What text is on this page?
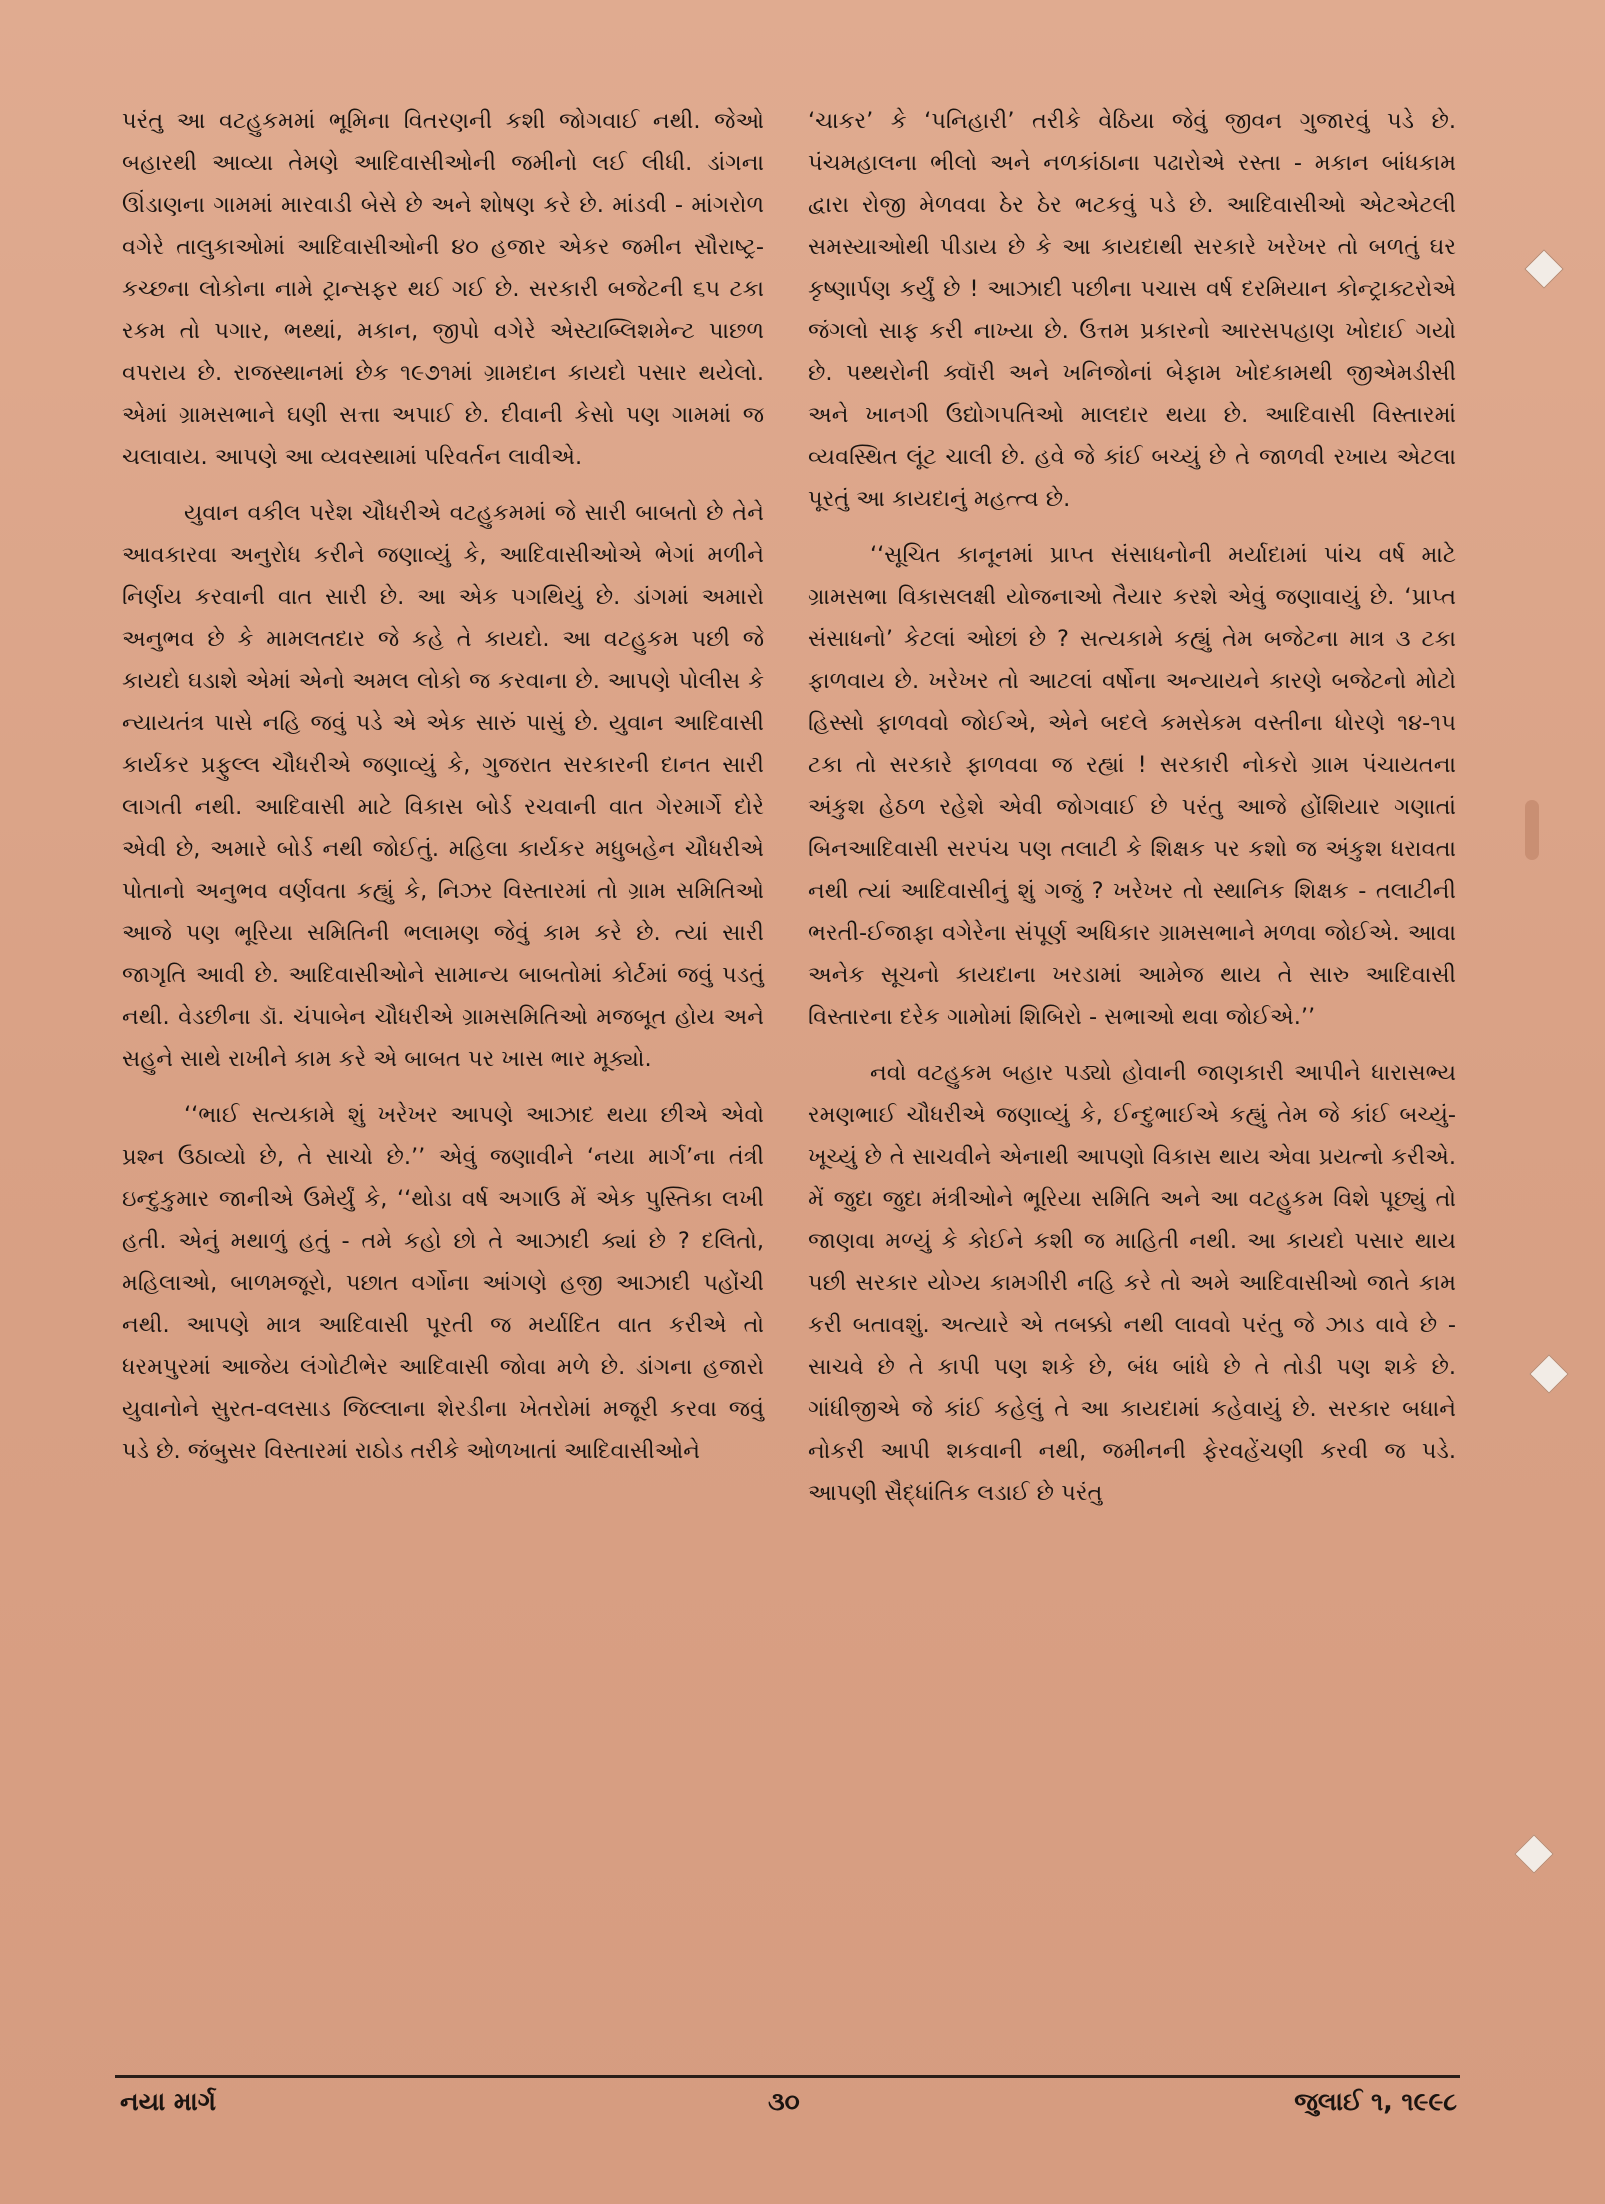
પરંતુ આ વટહુકમમાં ભૂમિના વિતરણની કશી જોગવાઈ નથી. જેઓ બહારથી આવ્યા તેમણે આદિવાસીઓની જમીનો લઈ લીધી. ડાંગના ઊંડાણના ગામમાં મારવાડી બેસે છે અને શોષણ કરે છે. માંડવી - માંગરોળ વગેરે તાલુકાઓમાં આદિવાસીઓની ૪૦ હજાર એકર જમીન સૌરાષ્ટ્ર-કચ્છના લોકોના નામે ટ્રાન્સફર થઈ ગઈ છે. સરકારી બજેટની ૬૫ ટકા રકમ તો પગાર, ભથ્થાં, મકાન, જીપો વગેરે એસ્ટાબ્લિશમેન્ટ પાછળ વપરાય છે. રાજસ્થાનમાં છેક ૧૯૭૧માં ગ્રામદાન કાયદો પસાર થયેલો. એમાં ગ્રામસભાને ઘણી સત્તા અપાઈ છે. દીવાની કેસો પણ ગામમાં જ ચલાવાય. આપણે આ વ્યવસ્થામાં પરિવર્તન લાવીએ.

યુવાન વકીલ પરેશ ચૌધરીએ વટહુકમમાં જે સારી બાબતો છે તેને આવકારવા અનુરોધ કરીને જણાવ્યું કે, આદિવાસીઓએ ભેગાં મળીને નિર્ણય કરવાની વાત સારી છે. આ એક પગથિયું છે. ડાંગમાં અમારો અનુભવ છે કે મામલતદાર જે કહે તે કાયદો. આ વટહુકમ પછી જે કાયદો ઘડાશે એમાં એનો અમલ લોકો જ કરવાના છે. આપણે પોલીસ કે ન્યાયતંત્ર પાસે નહિ જવું પડે એ એક સારું પાસું છે. યુવાન આદિવાસી કાર્યકર પ્રફુલ્લ ચૌધરીએ જણાવ્યું કે, ગુજરાત સરકારની દાનત સારી લાગતી નથી. આદિવાસી માટે વિકાસ બોર્ડ રચવાની વાત ગેરમાર્ગે દોરે એવી છે, અમારે બોર્ડ નથી જોઈતું. મહિલા કાર્યકર મધુબહેન ચૌધરીએ પોતાનો અનુભવ વર્ણવતા કહ્યું કે, નિઝર વિસ્તારમાં તો ગ્રામ સમિતિઓ આજે પણ ભૂરિયા સમિતિની ભલામણ જેવું કામ કરે છે. ત્યાં સારી જાગૃતિ આવી છે. આદિવાસીઓને સામાન્ય બાબતોમાં કોર્ટમાં જવું પડતું નથી. વેડછીના ડૉ. ચંપાબેન ચૌધરીએ ગ્રામસમિતિઓ મજબૂત હોય અને સહુને સાથે રાખીને કામ કરે એ બાબત પર ખાસ ભાર મૂક્યો.

‘‘ભાઈ સત્યકામે શું ખરેખર આપણે આઝાદ થયા છીએ એવો પ્રશ્ન ઉઠાવ્યો છે, તે સાચો છે.’’ એવું જણાવીને ‘નયા માર્ગ’ના તંત્રી ઇન્દુકુમાર જાનીએ ઉમેર્યું કે, ‘‘થોડા વર્ષ અગાઉ મેં એક પુસ્તિકા લખી હતી. એનું મથાળું હતું - તમે કહો છો તે આઝાદી ક્યાં છે ? દલિતો, મહિલાઓ, બાળમજૂરો, પછાત વર્ગોના આંગણે હજી આઝાદી પહોંચી નથી. આપણે માત્ર આદિવાસી પૂરતી જ મર્યાદિત વાત કરીએ તો ધરમપુરમાં આજેય લંગોટીભેર આદિવાસી જોવા મળે છે. ડાંગના હજારો યુવાનોને સુરત-વલસાડ જિલ્લાના શેરડીના ખેતરોમાં મજૂરી કરવા જવું પડે છે. જંબુસર વિસ્તારમાં રાઠોડ તરીકે ઓળખાતાં આદિવાસીઓને

‘ચાકર’ કે ‘પનિહારી’ તરીકે વેઠિયા જેવું જીવન ગુજારવું પડે છે. પંચમહાલના ભીલો અને નળકાંઠાના પઢારોએ રસ્તા - મકાન બાંધકામ દ્વારા રોજી મેળવવા ઠેર ઠેર ભટકવું પડે છે. આદિવાસીઓ એટએટલી સમસ્યાઓથી પીડાય છે કે આ કાયદાથી સરકારે ખરેખર તો બળતું ઘર કૃષ્ણાર્પણ કર્યું છે ! આઝાદી પછીના પચાસ વર્ષ દરમિયાન કોન્ટ્રાક્ટરોએ જંગલો સાફ કરી નાખ્યા છે. ઉત્તમ પ્રકારનો આરસપહાણ ખોદાઈ ગયો છે. પથ્થરોની ક્વૉરી અને ખનિજોનાં બેફામ ખોદકામથી જીએમડીસી અને ખાનગી ઉદ્યોગપતિઓ માલદાર થયા છે. આદિવાસી વિસ્તારમાં વ્યવસ્થિત લૂંટ ચાલી છે. હવે જે કાંઈ બચ્યું છે તે જાળવી રખાય એટલા પૂરતું આ કાયદાનું મહત્ત્વ છે.

‘‘સૂચિત કાનૂનમાં પ્રાપ્ત સંસાધનોની મર્યાદામાં પાંચ વર્ષ માટે ગ્રામસભા વિકાસલક્ષી યોજનાઓ તૈયાર કરશે એવું જણાવાયું છે. ‘પ્રાપ્ત સંસાધનો’ કેટલાં ઓછાં છે ? સત્યકામે કહ્યું તેમ બજેટના માત્ર ૩ ટકા ફાળવાય છે. ખરેખર તો આટલાં વર્ષોના અન્યાયને કારણે બજેટનો મોટો હિસ્સો ફાળવવો જોઈએ, એને બદલે કમસેકમ વસ્તીના ધોરણે ૧૪-૧૫ ટકા તો સરકારે ફાળવવા જ રહ્યાં ! સરકારી નોકરો ગ્રામ પંચાયતના અંકુશ હેઠળ રહેશે એવી જોગવાઈ છે પરંતુ આજે હોંશિયાર ગણાતાં બિનઆદિવાસી સરપંચ પણ તલાટી કે શિક્ષક પર કશો જ અંકુશ ધરાવતા નથી ત્યાં આદિવાસીનું શું ગજું ? ખરેખર તો સ્થાનિક શિક્ષક - તલાટીની ભરતી-ઈજાફા વગેરેના સંપૂર્ણ અધિકાર ગ્રામસભાને મળવા જોઈએ. આવા અનેક સૂચનો કાયદાના ખરડામાં આમેજ થાય તે સારુ આદિવાસી વિસ્તારના દરેક ગામોમાં શિબિરો - સભાઓ થવા જોઈએ.’’

નવો વટહુકમ બહાર પડ્યો હોવાની જાણકારી આપીને ધારાસભ્ય રમણભાઈ ચૌધરીએ જણાવ્યું કે, ઈન્દુભાઈએ કહ્યું તેમ જે કાંઈ બચ્યું-ખૂચ્યું છે તે સાચવીને એનાથી આપણો વિકાસ થાય એવા પ્રયત્નો કરીએ. મેં જુદા જુદા મંત્રીઓને ભૂરિયા સમિતિ અને આ વટહુકમ વિશે પૂછ્યું તો જાણવા મળ્યું કે કોઈને કશી જ માહિતી નથી. આ કાયદો પસાર થાય પછી સરકાર યોગ્ય કામગીરી નહિ કરે તો અમે આદિવાસીઓ જાતે કામ કરી બતાવશું. અત્યારે એ તબક્કો નથી લાવવો પરંતુ જે ઝાડ વાવે છે - સાચવે છે તે કાપી પણ શકે છે, બંધ બાંધે છે તે તોડી પણ શકે છે. ગાંધીજીએ જે કાંઈ કહેલું તે આ કાયદામાં કહેવાયું છે. સરકાર બધાને નોકરી આપી શકવાની નથી, જમીનની ફેરવહેંચણી કરવી જ પડે. આપણી સૈદ્ધાંતિક લડાઈ છે પરંતુ

નયા માર્ગ	૩૦	જુલાઈ ૧, ૧૯૯૮
